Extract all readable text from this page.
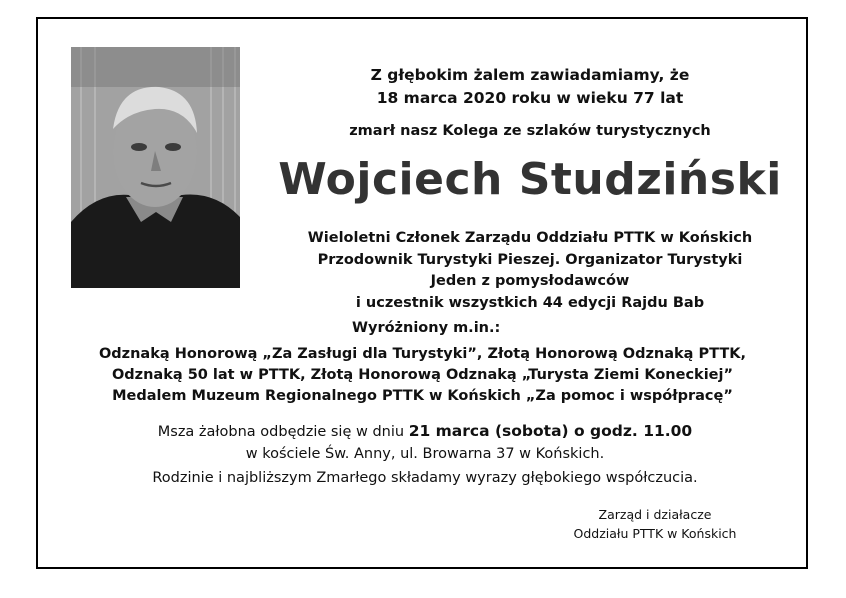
Z głębokim żalem zawiadamiamy, że
18 marca 2020 roku w wieku 77 lat
zmarł nasz Kolega ze szlaków turystycznych
Wojciech Studziński
Wieloletni Członek Zarządu Oddziału PTTK w Końskich
Przodownik Turystyki Pieszej. Organizator Turystyki
Jeden z pomysłodawców
i uczestnik wszystkich 44 edycji Rajdu Bab
Wyróżniony m.in.:
Odznaką Honorową „Za Zasługi dla Turystyki”, Złotą Honorową Odznaką PTTK,
Odznaką 50 lat w PTTK, Złotą Honorową Odznaką „Turysta Ziemi Koneckiej”
Medalem Muzeum Regionalnego PTTK w Końskich „Za pomoc i współpracę”
Msza żałobna odbędzie się w dniu 21 marca (sobota) o godz. 11.00
w kościele Św. Anny, ul. Browarna 37 w Końskich.
Rodzinie i najbliższym Zmarłego składamy wyrazy głębokiego współczucia.
Zarząd i działacze
Oddziału PTTK w Końskich
